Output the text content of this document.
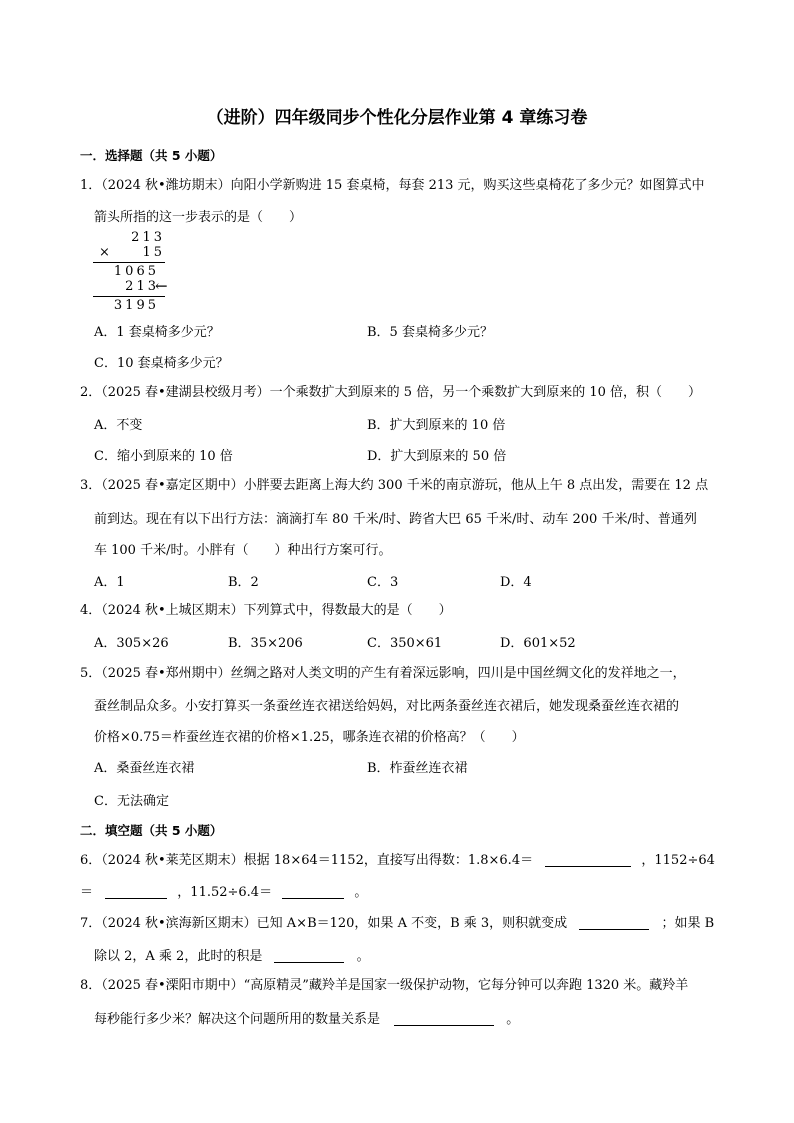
（进阶）四年级同步个性化分层作业第 4 章练习卷
一．选择题（共 5 小题）
1．（2024 秋•潍坊期末）向阳小学新购进 15 套桌椅，每套 213 元，购买这些桌椅花了多少元？如图算式中
箭头所指的这一步表示的是（　　）
213
×	15
1065
213
←
3195
A．1 套桌椅多少元？	B．5 套桌椅多少元？
C．10 套桌椅多少元？
2．（2025 春•建湖县校级月考）一个乘数扩大到原来的 5 倍，另一个乘数扩大到原来的 10 倍，积（　　）
A．不变	B．扩大到原来的 10 倍
C．缩小到原来的 10 倍	D．扩大到原来的 50 倍
3．（2025 春•嘉定区期中）小胖要去距离上海大约 300 千米的南京游玩，他从上午 8 点出发，需要在 12 点
前到达。现在有以下出行方法：滴滴打车 80 千米/时、跨省大巴 65 千米/时、动车 200 千米/时、普通列
车 100 千米/时。小胖有（　　）种出行方案可行。
A．1	B．2	C．3	D．4
4．（2024 秋•上城区期末）下列算式中，得数最大的是（　　）
A．305×26	B．35×206	C．350×61	D．601×52
5．（2025 春•郑州期中）丝绸之路对人类文明的产生有着深远影响，四川是中国丝绸文化的发祥地之一，
蚕丝制品众多。小安打算买一条蚕丝连衣裙送给妈妈，对比两条蚕丝连衣裙后，她发现桑蚕丝连衣裙的
价格×0.75＝柞蚕丝连衣裙的价格×1.25，哪条连衣裙的价格高？（　　）
A．桑蚕丝连衣裙	B．柞蚕丝连衣裙
C．无法确定
二．填空题（共 5 小题）
6．（2024 秋•莱芜区期末）根据 18×64＝1152，直接写出得数：1.8×6.4＝	，1152÷64
＝	，11.52÷6.4＝	。
7．（2024 秋•滨海新区期末）已知 A×B＝120，如果 A 不变，B 乘 3，则积就变成	；如果 B
除以 2，A 乘 2，此时的积是	。
8．（2025 春•溧阳市期中）“高原精灵”藏羚羊是国家一级保护动物，它每分钟可以奔跑 1320 米。藏羚羊
每秒能行多少米？解决这个问题所用的数量关系是	。
